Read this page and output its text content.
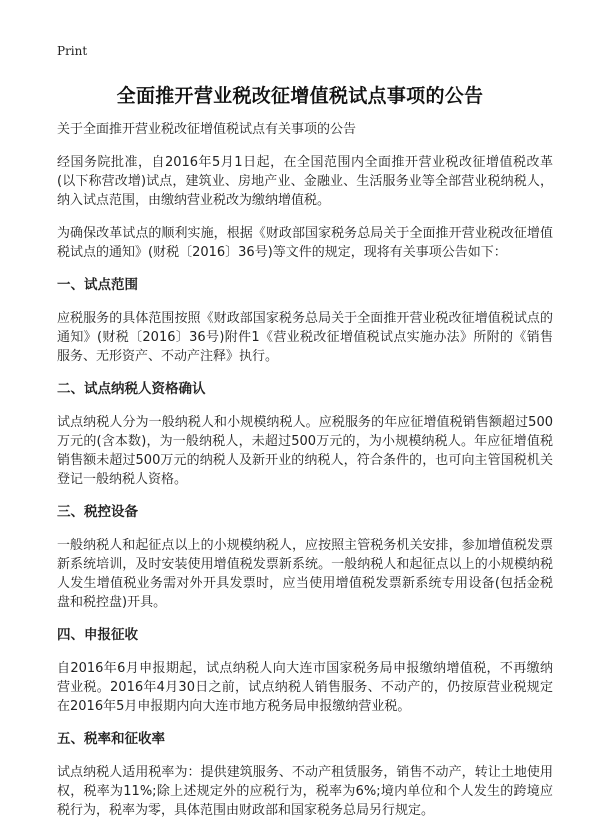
Print
全面推开营业税改征增值税试点事项的公告

关于全面推开营业税改征增值税试点有关事项的公告

经国务院批准，自2016年5月1日起，在全国范围内全面推开营业税改征增值税改革(以下称营改增)试点，建筑业、房地产业、金融业、生活服务业等全部营业税纳税人，纳入试点范围，由缴纳营业税改为缴纳增值税。

为确保改革试点的顺利实施，根据《财政部国家税务总局关于全面推开营业税改征增值税试点的通知》(财税〔2016〕36号)等文件的规定，现将有关事项公告如下：

一、试点范围

应税服务的具体范围按照《财政部国家税务总局关于全面推开营业税改征增值税试点的通知》(财税〔2016〕36号)附件1《营业税改征增值税试点实施办法》所附的《销售服务、无形资产、不动产注释》执行。

二、试点纳税人资格确认

试点纳税人分为一般纳税人和小规模纳税人。应税服务的年应征增值税销售额超过500万元的(含本数)，为一般纳税人，未超过500万元的，为小规模纳税人。年应征增值税销售额未超过500万元的纳税人及新开业的纳税人，符合条件的，也可向主管国税机关登记一般纳税人资格。

三、税控设备

一般纳税人和起征点以上的小规模纳税人，应按照主管税务机关安排，参加增值税发票新系统培训，及时安装使用增值税发票新系统。一般纳税人和起征点以上的小规模纳税人发生增值税业务需对外开具发票时，应当使用增值税发票新系统专用设备(包括金税盘和税控盘)开具。

四、申报征收

自2016年6月申报期起，试点纳税人向大连市国家税务局申报缴纳增值税，不再缴纳营业税。2016年4月30日之前，试点纳税人销售服务、不动产的，仍按原营业税规定在2016年5月申报期内向大连市地方税务局申报缴纳营业税。

五、税率和征收率

试点纳税人适用税率为：提供建筑服务、不动产租赁服务，销售不动产，转让土地使用权，税率为11%;除上述规定外的应税行为，税率为6%;境内单位和个人发生的跨境应税行为，税率为零，具体范围由财政部和国家税务总局另行规定。
